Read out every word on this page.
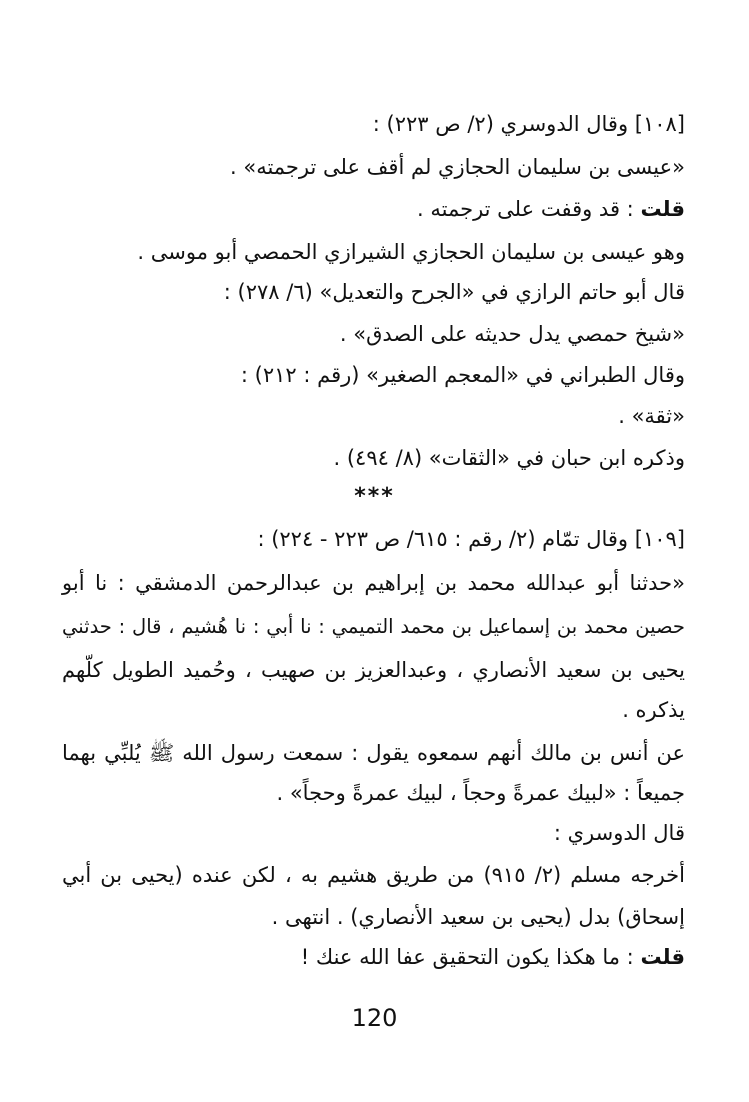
[١٠٨] وقال الدوسري (٢/ ص ٢٢٣) :
«عيسى بن سليمان الحجازي لم أقف على ترجمته» .
قلت : قد وقفت على ترجمته .
وهو عيسى بن سليمان الحجازي الشيرازي الحمصي أبو موسى .
قال أبو حاتم الرازي في «الجرح والتعديل» (٦/ ٢٧٨) :
«شيخ حمصي يدل حديثه على الصدق» .
وقال الطبراني في «المعجم الصغير» (رقم : ٢١٢) :
«ثقة» .
وذكره ابن حبان في «الثقات» (٨/ ٤٩٤) .
***
[١٠٩] وقال تمّام (٢/ رقم : ٦١٥/ ص ٢٢٣ - ٢٢٤) :
«حدثنا أبو عبدالله محمد بن إبراهيم بن عبدالرحمن الدمشقي : نا أبو
حصين محمد بن إسماعيل بن محمد التميمي : نا أبي : نا هُشيم ، قال : حدثني
يحيى بن سعيد الأنصاري ، وعبدالعزيز بن صهيب ، وحُميد الطويل كلّهم
يذكره .
عن أنس بن مالك أنهم سمعوه يقول : سمعت رسول الله ﷺ يُلبِّي بهما
جميعاً : «لبيك عمرةً وحجاً ، لبيك عمرةً وحجاً» .
قال الدوسري :
أخرجه مسلم (٢/ ٩١٥) من طريق هشيم به ، لكن عنده (يحيى بن أبي
إسحاق) بدل (يحيى بن سعيد الأنصاري) . انتهى .
قلت : ما هكذا يكون التحقيق عفا الله عنك !
120
